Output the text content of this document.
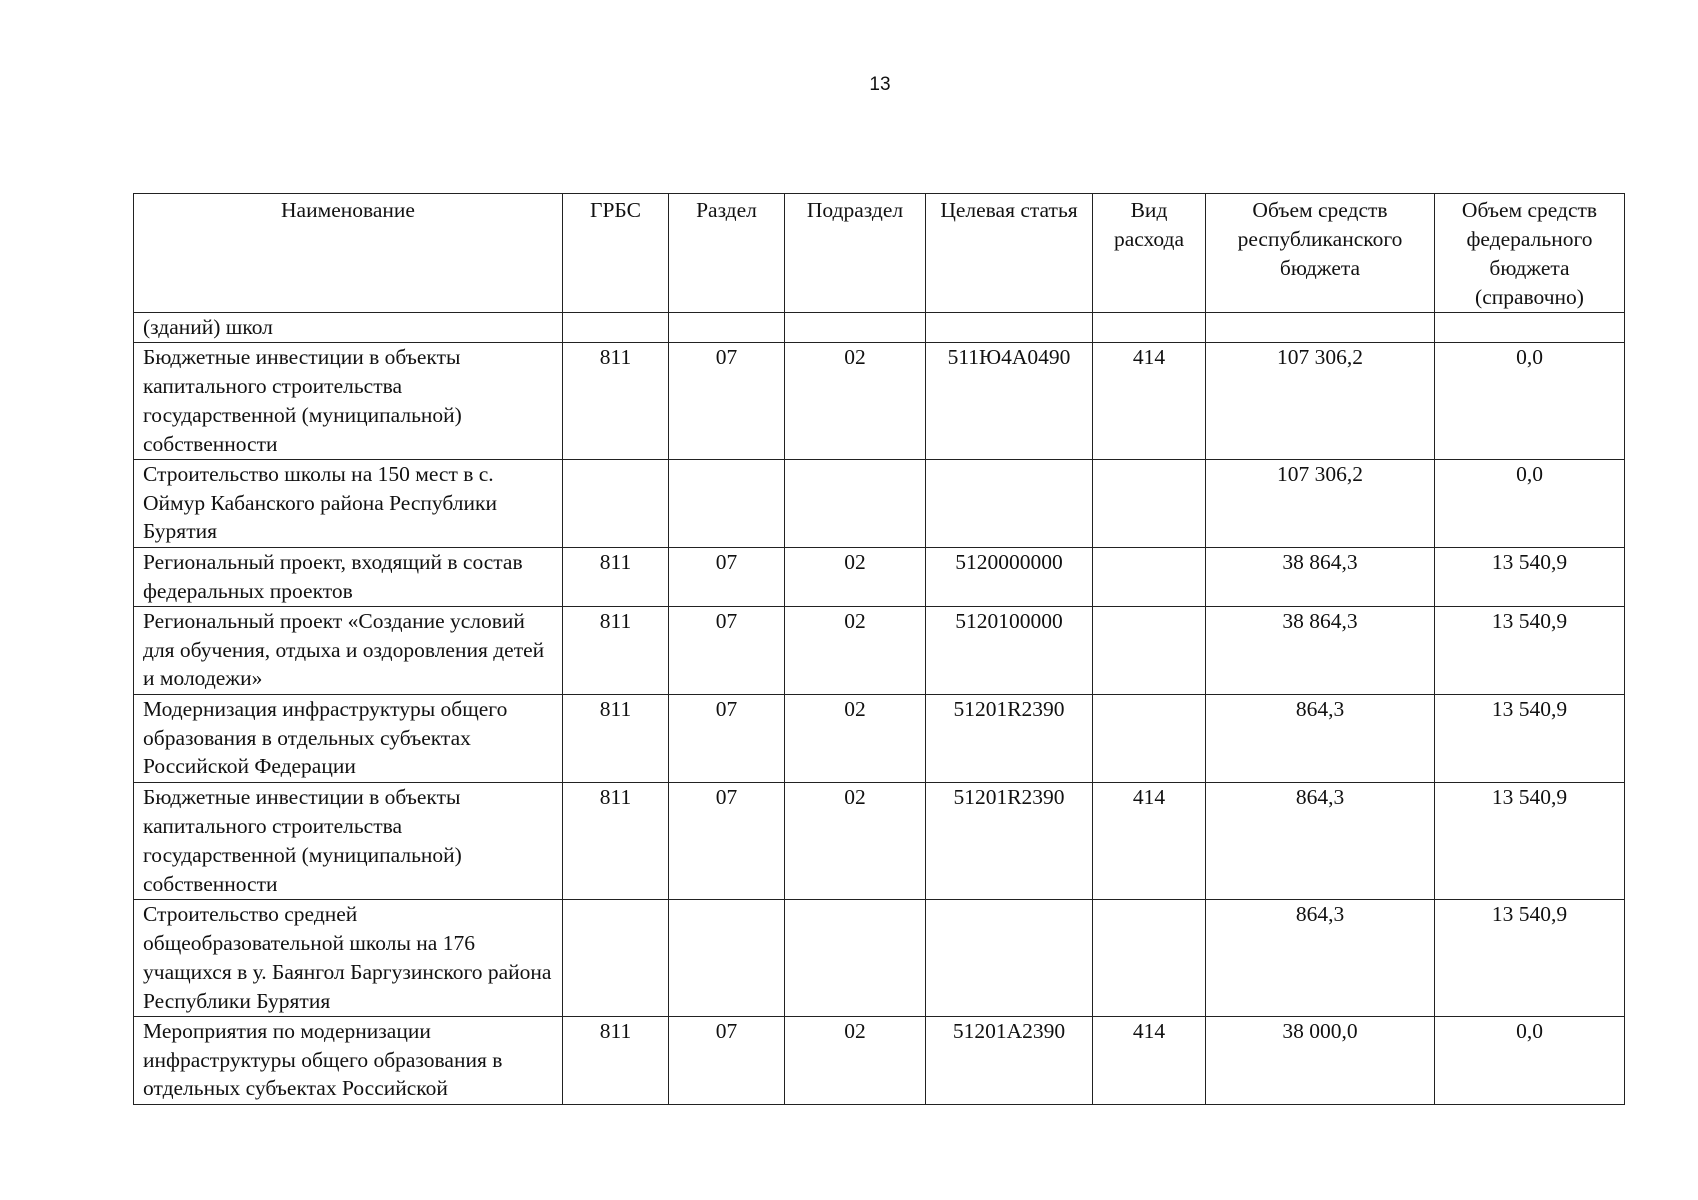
13
Наименование	ГРБС	Раздел	Подраздел	Целевая статья	Вид расхода	Объем средств республиканского бюджета	Объем средств федерального бюджета (справочно)
(зданий) школ							
Бюджетные инвестиции в объекты капитального строительства государственной (муниципальной) собственности	811	07	02	511Ю4А0490	414	107 306,2	0,0
Строительство школы на 150 мест в с. Оймур Кабанского района Республики Бурятия						107 306,2	0,0
Региональный проект, входящий в состав федеральных проектов	811	07	02	5120000000		38 864,3	13 540,9
Региональный проект «Создание условий для обучения, отдыха и оздоровления детей и молодежи»	811	07	02	5120100000		38 864,3	13 540,9
Модернизация инфраструктуры общего образования в отдельных субъектах Российской Федерации	811	07	02	51201R2390		864,3	13 540,9
Бюджетные инвестиции в объекты капитального строительства государственной (муниципальной) собственности	811	07	02	51201R2390	414	864,3	13 540,9
Строительство средней общеобразовательной школы на 176 учащихся в у. Баянгол Баргузинского района Республики Бурятия						864,3	13 540,9
Мероприятия по модернизации инфраструктуры общего образования в отдельных субъектах Российской	811	07	02	51201А2390	414	38 000,0	0,0
